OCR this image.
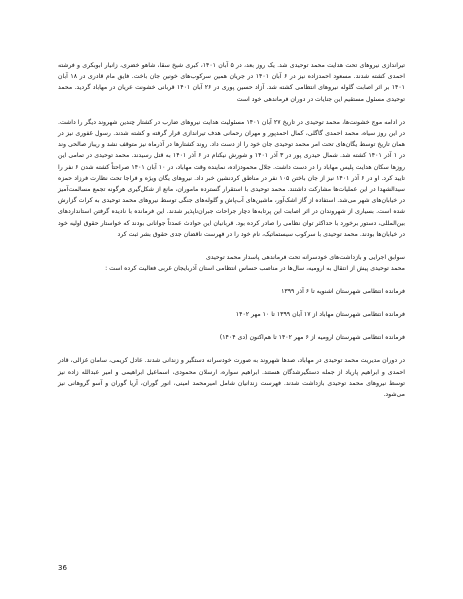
تیراندازی نیروهای تحت هدایت محمد توحیدی شد. یک روز بعد، در ۵ آبان ۱۴۰۱، کبری شیخ سقا، شاهو خضری، زانیار ابوبکری و فرشته احمدی کشته شدند. مسعود احمدزاده نیز در ۶ آبان ۱۴۰۱ در جریان همین سرکوب‌های خونین جان باخت. فایق مام قادری در ۱۸ آبان ۱۴۰۱ بر اثر اصابت گلوله نیروهای انتظامی کشته شد. آزاد حسین پوری در ۲۶ آبان ۱۴۰۱ قربانی خشونت عریان در مهاباد گردید. محمد توحیدی مسئول مستقیم این جنایات در دوران فرماندهی خود است

در ادامه موج خشونت‌ها، محمد توحیدی در تاریخ ۲۷ آبان ۱۴۰۱ مسئولیت هدایت نیروهای ضارب در کشتار چندین شهروند دیگر را داشت. در این روز سیاه، محمد احمدی گاگلی، کمال احمدپور و مهران رحمانی هدف تیراندازی قرار گرفته و کشته شدند. رسول غفوری نیز در همان تاریخ توسط یگان‌های تحت امر محمد توحیدی جان خود را از دست داد. روند کشتارها در آذرماه نیز متوقف نشد و ریباز صالحی وند در ۱ آذر ۱۴۰۱ کشته شد. شمال حیدری پور در ۳ آذر ۱۴۰۱ و شورش نیکنام در ۶ آذر ۱۴۰۱ به قتل رسیدند. محمد توحیدی در تمامی این روزها سکان هدایت پلیس مهاباد را در دست داشت. جلال محمودزاده، نماینده وقت مهاباد، در ۱۰ آبان ۱۴۰۱ صراحتاً کشته شدن ۶ نفر را تایید کرد. او در ۶ آذر ۱۴۰۱ نیز از جان باختن ۱۰۵ نفر در مناطق کردنشین خبر داد. نیروهای یگان ویژه و فراجا تحت نظارت فرزاد حمزه سیدالشهدا در این عملیات‌ها مشارکت داشتند. محمد توحیدی با استقرار گسترده ماموران، مانع از شکل‌گیری هرگونه تجمع مسالمت‌آمیز در خیابان‌های شهر می‌شد. استفاده از گاز اشک‌آور، ماشین‌های آب‌پاش و گلوله‌های جنگی توسط نیروهای محمد توحیدی به کرات گزارش شده است. بسیاری از شهروندان در اثر اصابت این پرتابه‌ها دچار جراحات جبران‌ناپذیر شدند. این فرمانده با نادیده گرفتن استانداردهای بین‌المللی، دستور برخورد با حداکثر توان نظامی را صادر کرده بود. قربانیان این حوادث عمدتاً جوانانی بودند که خواستار حقوق اولیه خود در خیابان‌ها بودند. محمد توحیدی با سرکوب سیستماتیک، نام خود را در فهرست ناقضان جدی حقوق بشر ثبت کرد

سوابق اجرایی و بازداشت‌های خودسرانه تحت فرماندهی پاسدار محمد توحیدی

محمد توحیدی پیش از انتقال به ارومیه، سال‌ها در مناصب حساس انتظامی استان آذربایجان غربی فعالیت کرده است :

فرمانده انتظامی شهرستان اشنویه تا ۶ آذر ۱۳۹۹

فرمانده انتظامی شهرستان مهاباد از ۱۷ آبان ۱۳۹۹ تا ۱۰ مهر ۱۴۰۲

فرمانده انتظامی شهرستان ارومیه از ۶ مهر ۱۴۰۲ تا هم‌اکنون (دی ۱۴۰۴)

در دوران مدیریت محمد توحیدی در مهاباد، صدها شهروند به صورت خودسرانه دستگیر و زندانی شدند. عادل کریمی، سامان غزالی، قادر احمدی و ابراهیم پاریاد از جمله دستگیرشدگان هستند. ابراهیم سواره، ارسلان محمودی، اسماعیل ابراهیمی و امیر عبدالله زاده نیز توسط نیروهای محمد توحیدی بازداشت شدند. فهرست زندانیان شامل امیرمحمد امینی، انور گوران، آریا گوران و آسو گروهانی نیز می‌شود.

36
